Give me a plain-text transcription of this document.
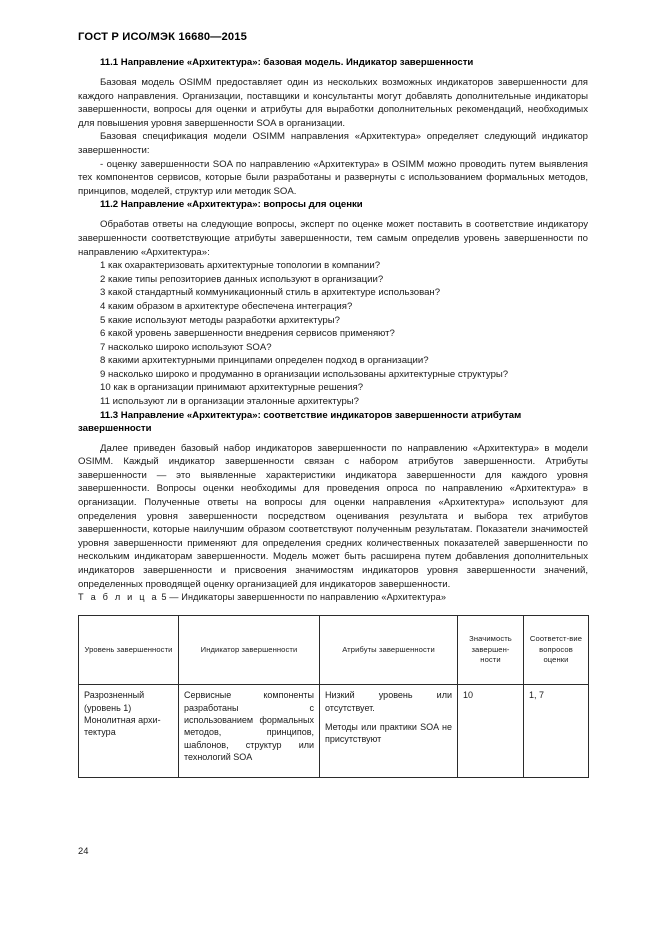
ГОСТ Р ИСО/МЭК 16680—2015
11.1 Направление «Архитектура»: базовая модель. Индикатор завершенности

Базовая модель OSIMM предоставляет один из нескольких возможных индикаторов завершенности для каждого направления. Организации, поставщики и консультанты могут добавлять дополнительные индикаторы завершенности, вопросы для оценки и атрибуты для выработки дополнительных рекомендаций, необходимых для повышения уровня завершенности SOA в организации.

Базовая спецификация модели OSIMM направления «Архитектура» определяет следующий индикатор завершенности:

- оценку завершенности SOA по направлению «Архитектура» в OSIMM можно проводить путем выявления тех компонентов сервисов, которые были разработаны и развернуты с использованием формальных методов, принципов, моделей, структур или методик SOA.

11.2 Направление «Архитектура»: вопросы для оценки

Обработав ответы на следующие вопросы, эксперт по оценке может поставить в соответствие индикатору завершенности соответствующие атрибуты завершенности, тем самым определив уровень завершенности по направлению «Архитектура»:

1 как охарактеризовать архитектурные топологии в компании?
2 какие типы репозиториев данных используют в организации?
3 какой стандартный коммуникационный стиль в архитектуре использован?
4 каким образом в архитектуре обеспечена интеграция?
5 какие используют методы разработки архитектуры?
6 какой уровень завершенности внедрения сервисов применяют?
7 насколько широко используют SOA?
8 какими архитектурными принципами определен подход в организации?
9 насколько широко и продуманно в организации использованы архитектурные структуры?
10 как в организации принимают архитектурные решения?
11 используют ли в организации эталонные архитектуры?
11.3 Направление «Архитектура»: соответствие индикаторов завершенности атрибутам завершенности

Далее приведен базовый набор индикаторов завершенности по направлению «Архитектура» в модели OSIMM. Каждый индикатор завершенности связан с набором атрибутов завершенности. Атрибуты завершенности — это выявленные характеристики индикатора завершенности для каждого уровня завершенности. Вопросы оценки необходимы для проведения опроса по направлению «Архитектура» в организации. Полученные ответы на вопросы для оценки направления «Архитектура» используют для определения уровня завершенности посредством оценивания результата и выбора тех атрибутов завершенности, которые наилучшим образом соответствуют полученным результатам. Показатели значимостей уровня завершенности применяют для определения средних количественных показателей завершенности по нескольким индикаторам завершенности. Модель может быть расширена путем добавления дополнительных индикаторов завершенности и присвоения значимостям индикаторов уровня завершенности значений, определенных проводящей оценку организацией для индикаторов завершенности.

Т а б л и ц а 5 — Индикаторы завершенности по направлению «Архитектура»

Уровень завершенности	Индикатор завершенности	Атрибуты завершенности	Значимость завершен-ности	Соответст-вие вопросов оценки
Разрозненный (уровень 1) Монолитная архи-тектура	Сервисные компоненты разработаны с использованием формальных методов, принципов, шаблонов, структур или технологий SOA	Низкий уровень или отсутствует.

Методы или практики SOA не присутствуют	10	1, 7
24
